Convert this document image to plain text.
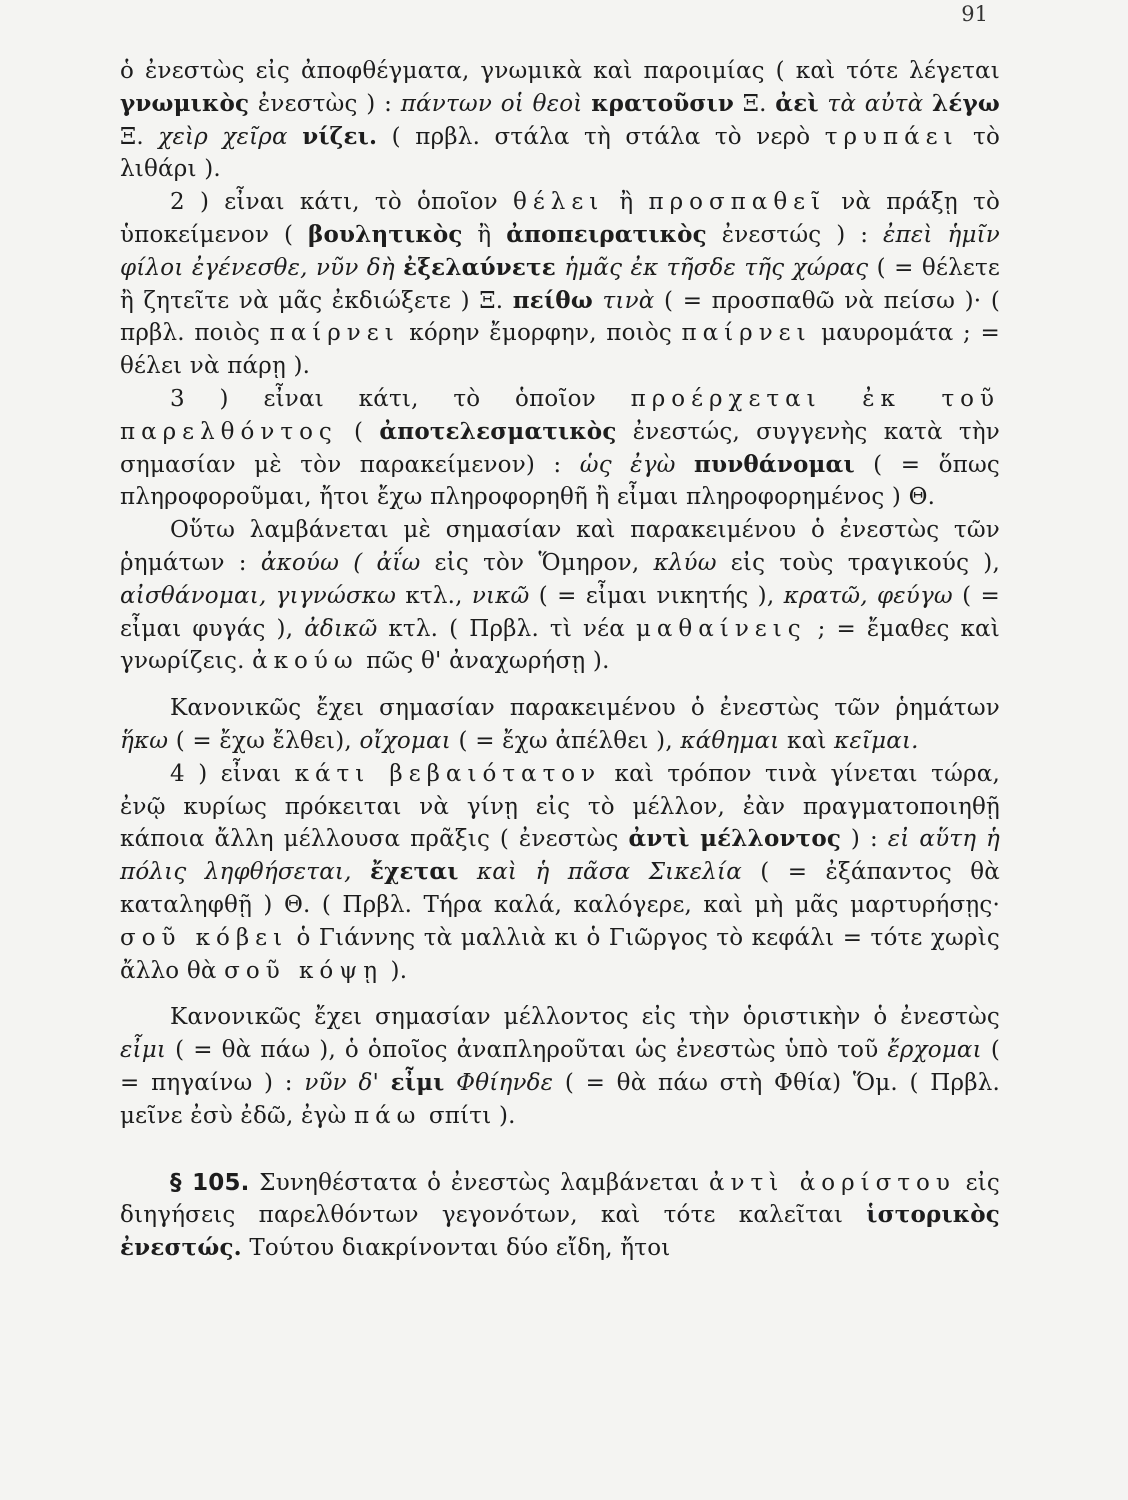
91

ὁ ἐνεστὼς εἰς ἀποφθέγματα, γνωμικὰ καὶ παροιμίας ( καὶ τότε λέγεται γνωμικὸς ἐνεστὼς ) : πάντων οἱ θεοὶ κρατοῦσιν Ξ. ἀεὶ τὰ αὐτὰ λέγω Ξ. χεὶρ χεῖρα νίζει. ( πρβλ. στάλα τὴ στάλα τὸ νερὸ τρυπάει τὸ λιθάρι ).

2 ) εἶναι κάτι, τὸ ὁποῖον θέλει ἢ προσπαθεῖ νὰ πράξῃ τὸ ὑποκείμενον ( βουλητικὸς ἢ ἀποπειρατικὸς ἐνεστώς ) : ἐπεὶ ἡμῖν φίλοι ἐγένεσθε, νῦν δὴ ἐξελαύνετε ἡμᾶς ἐκ τῆσδε τῆς χώρας ( = θέλετε ἢ ζητεῖτε νὰ μᾶς ἐκδιώξετε ) Ξ. πείθω τινὰ ( = προσπαθῶ νὰ πείσω )· ( πρβλ. ποιὸς παίρνει κόρην ἔμορφην, ποιὸς παίρνει μαυρομάτα ; = θέλει νὰ πάρῃ ).

3 ) εἶναι κάτι, τὸ ὁποῖον προέρχεται ἐκ τοῦ παρελθόντος ( ἀποτελεσματικὸς ἐνεστώς, συγγενὴς κατὰ τὴν σημασίαν μὲ τὸν παρακείμενον) : ὡς ἐγὼ πυνθάνομαι ( = ὅπως πληροφοροῦμαι, ἤτοι ἔχω πληροφορηθῆ ἢ εἶμαι πληροφορημένος ) Θ.

Οὕτω λαμβάνεται μὲ σημασίαν καὶ παρακειμένου ὁ ἐνεστὼς τῶν ῥημάτων : ἀκούω ( ἀΐω εἰς τὸν Ὅμηρον, κλύω εἰς τοὺς τραγικούς ), αἰσθάνομαι, γιγνώσκω κτλ., νικῶ ( = εἶμαι νικητής ), κρατῶ, φεύγω ( = εἶμαι φυγάς ), ἀδικῶ κτλ. ( Πρβλ. τὶ νέα μαθαίνεις ; = ἔμαθες καὶ γνωρίζεις. ἀκούω πῶς θ' ἀναχωρήσῃ ).

Κανονικῶς ἔχει σημασίαν παρακειμένου ὁ ἐνεστὼς τῶν ῥημάτων ἥκω ( = ἔχω ἔλθει), οἴχομαι ( = ἔχω ἀπέλθει ), κάθημαι καὶ κεῖμαι.

4 ) εἶναι κάτι βεβαιότατον καὶ τρόπον τινὰ γίνεται τώρα, ἐνῷ κυρίως πρόκειται νὰ γίνῃ εἰς τὸ μέλλον, ἐὰν πραγματοποιηθῇ κάποια ἄλλη μέλλουσα πρᾶξις ( ἐνεστὼς ἀντὶ μέλλοντος ) : εἰ αὕτη ἡ πόλις ληφθήσεται, ἔχεται καὶ ἡ πᾶσα Σικελία ( = ἐξάπαντος θὰ καταληφθῇ ) Θ. ( Πρβλ. Τήρα καλά, καλόγερε, καὶ μὴ μᾶς μαρτυρήσῃς· σοῦ κόβει ὁ Γιάννης τὰ μαλλιὰ κι ὁ Γιῶργος τὸ κεφάλι = τότε χωρὶς ἄλλο θὰ σοῦ κόψῃ ).

Κανονικῶς ἔχει σημασίαν μέλλοντος εἰς τὴν ὁριστικὴν ὁ ἐνεστὼς εἶμι ( = θὰ πάω ), ὁ ὁποῖος ἀναπληροῦται ὡς ἐνεστὼς ὑπὸ τοῦ ἔρχομαι ( = πηγαίνω ) : νῦν δ' εἶμι Φθίηνδε ( = θὰ πάω στὴ Φθία) Ὅμ. ( Πρβλ. μεῖνε ἐσὺ ἐδῶ, ἐγὼ πάω σπίτι ).

§ 105. Συνηθέστατα ὁ ἐνεστὼς λαμβάνεται ἀντὶ ἀορίστου εἰς διηγήσεις παρελθόντων γεγονότων, καὶ τότε καλεῖται ἱστορικὸς ἐνεστώς. Τούτου διακρίνονται δύο εἴδη, ἤτοι
